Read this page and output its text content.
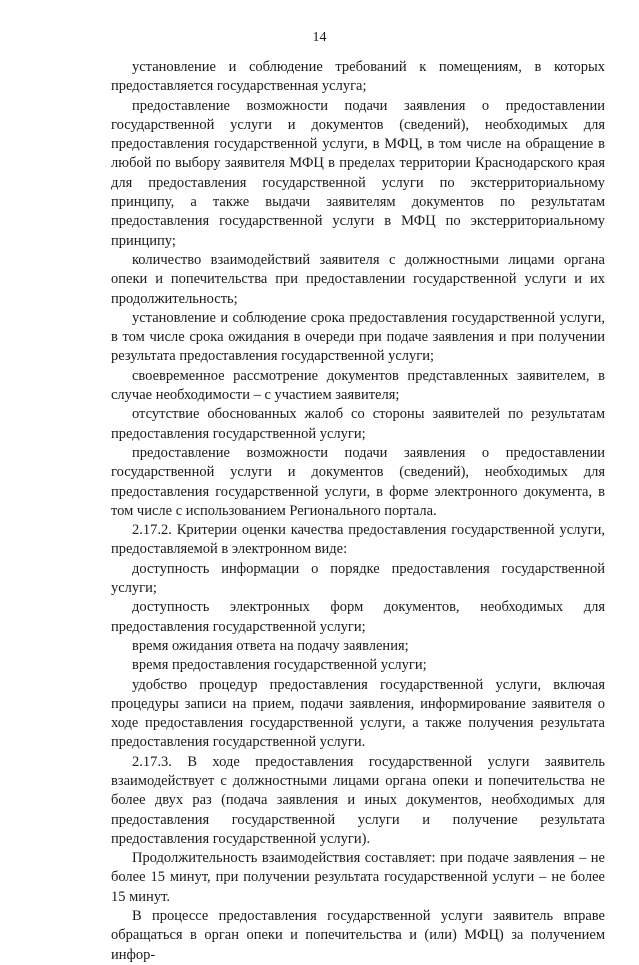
14

установление и соблюдение требований к помещениям, в которых предоставляется государственная услуга;

предоставление возможности подачи заявления о предоставлении государственной услуги и документов (сведений), необходимых для предоставления государственной услуги, в МФЦ, в том числе на обращение в любой по выбору заявителя МФЦ в пределах территории Краснодарского края для предоставления государственной услуги по экстерриториальному принципу, а также выдачи заявителям документов по результатам предоставления государственной услуги в МФЦ по экстерриториальному принципу;

количество взаимодействий заявителя с должностными лицами органа опеки и попечительства при предоставлении государственной услуги и их продолжительность;

установление и соблюдение срока предоставления государственной услуги, в том числе срока ожидания в очереди при подаче заявления и при получении результата предоставления государственной услуги;

своевременное рассмотрение документов представленных заявителем, в случае необходимости – с участием заявителя;

отсутствие обоснованных жалоб со стороны заявителей по результатам предоставления государственной услуги;

предоставление возможности подачи заявления о предоставлении государственной услуги и документов (сведений), необходимых для предоставления государственной услуги, в форме электронного документа, в том числе с использованием Регионального портала.

2.17.2. Критерии оценки качества предоставления государственной услуги, предоставляемой в электронном виде:

доступность информации о порядке предоставления государственной услуги;

доступность электронных форм документов, необходимых для предоставления государственной услуги;

время ожидания ответа на подачу заявления;

время предоставления государственной услуги;

удобство процедур предоставления государственной услуги, включая процедуры записи на прием, подачи заявления, информирование заявителя о ходе предоставления государственной услуги, а также получения результата предоставления государственной услуги.

2.17.3. В ходе предоставления государственной услуги заявитель взаимодействует с должностными лицами органа опеки и попечительства не более двух раз (подача заявления и иных документов, необходимых для предоставления государственной услуги и получение результата предоставления государственной услуги).

Продолжительность взаимодействия составляет: при подаче заявления – не более 15 минут, при получении результата государственной услуги – не более 15 минут.

В процессе предоставления государственной услуги заявитель вправе обращаться в орган опеки и попечительства и (или) МФЦ) за получением инфор-
